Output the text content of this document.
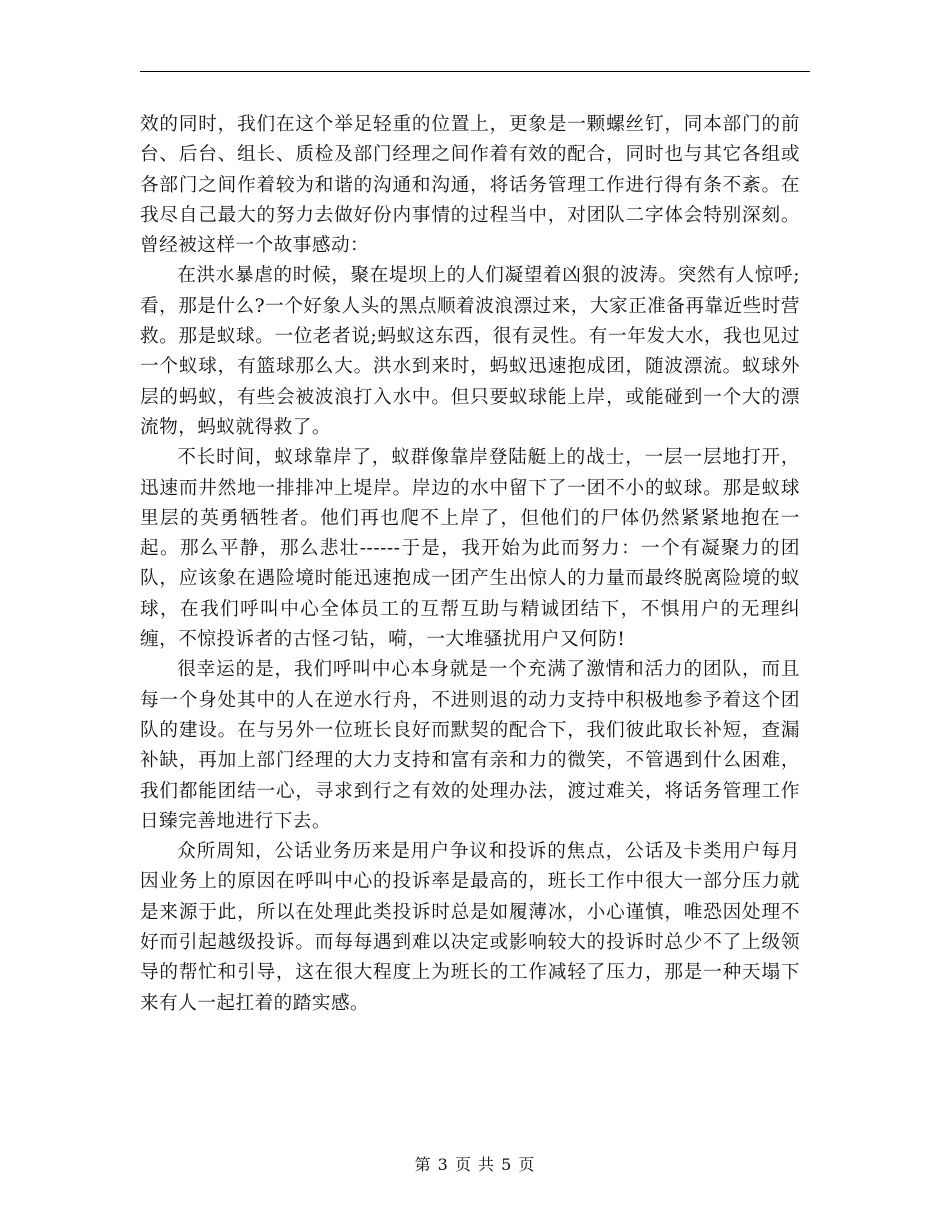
效的同时，我们在这个举足轻重的位置上，更象是一颗螺丝钉，同本部门的前台、后台、组长、质检及部门经理之间作着有效的配合，同时也与其它各组或各部门之间作着较为和谐的沟通和沟通，将话务管理工作进行得有条不紊。在我尽自己最大的努力去做好份内事情的过程当中，对团队二字体会特别深刻。曾经被这样一个故事感动：

在洪水暴虐的时候，聚在堤坝上的人们凝望着凶狠的波涛。突然有人惊呼;看，那是什么?一个好象人头的黑点顺着波浪漂过来，大家正准备再靠近些时营救。那是蚁球。一位老者说;蚂蚁这东西，很有灵性。有一年发大水，我也见过一个蚁球，有篮球那么大。洪水到来时，蚂蚁迅速抱成团，随波漂流。蚁球外层的蚂蚁，有些会被波浪打入水中。但只要蚁球能上岸，或能碰到一个大的漂流物，蚂蚁就得救了。

不长时间，蚁球靠岸了，蚁群像靠岸登陆艇上的战士，一层一层地打开，迅速而井然地一排排冲上堤岸。岸边的水中留下了一团不小的蚁球。那是蚁球里层的英勇牺牲者。他们再也爬不上岸了，但他们的尸体仍然紧紧地抱在一起。那么平静，那么悲壮------于是，我开始为此而努力：一个有凝聚力的团队，应该象在遇险境时能迅速抱成一团产生出惊人的力量而最终脱离险境的蚁球，在我们呼叫中心全体员工的互帮互助与精诚团结下，不惧用户的无理纠缠，不惊投诉者的古怪刁钻，嗬，一大堆骚扰用户又何防!

很幸运的是，我们呼叫中心本身就是一个充满了激情和活力的团队，而且每一个身处其中的人在逆水行舟，不进则退的动力支持中积极地参予着这个团队的建设。在与另外一位班长良好而默契的配合下，我们彼此取长补短，查漏补缺，再加上部门经理的大力支持和富有亲和力的微笑，不管遇到什么困难，我们都能团结一心，寻求到行之有效的处理办法，渡过难关，将话务管理工作日臻完善地进行下去。

众所周知，公话业务历来是用户争议和投诉的焦点，公话及卡类用户每月因业务上的原因在呼叫中心的投诉率是最高的，班长工作中很大一部分压力就是来源于此，所以在处理此类投诉时总是如履薄冰，小心谨慎，唯恐因处理不好而引起越级投诉。而每每遇到难以决定或影响较大的投诉时总少不了上级领导的帮忙和引导，这在很大程度上为班长的工作减轻了压力，那是一种天塌下来有人一起扛着的踏实感。

第 3 页 共 5 页
